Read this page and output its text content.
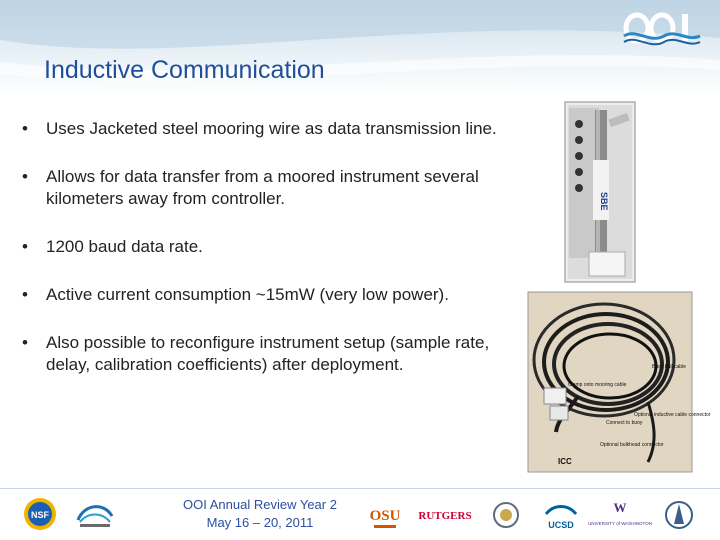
Inductive Communication
• Uses Jacketed steel mooring wire as data transmission line.
• Allows for data transfer from a moored instrument several kilometers away from controller.
• 1200 baud data rate.
• Active current consumption ~15mW (very low power).
• Also possible to reconfigure instrument setup (sample rate, delay, calibration coefficients) after deployment.
SBE
Clamp onto mooring cable
Buoy hull cable
Optional inductive cable connector
Connect to buoy
Optional bulkhead connector
ICC
OOI Annual Review Year 2
May 16 – 20, 2011
NSF	OSU RUTGERS
UCSD
W
UNIVERSITY of WASHINGTON
